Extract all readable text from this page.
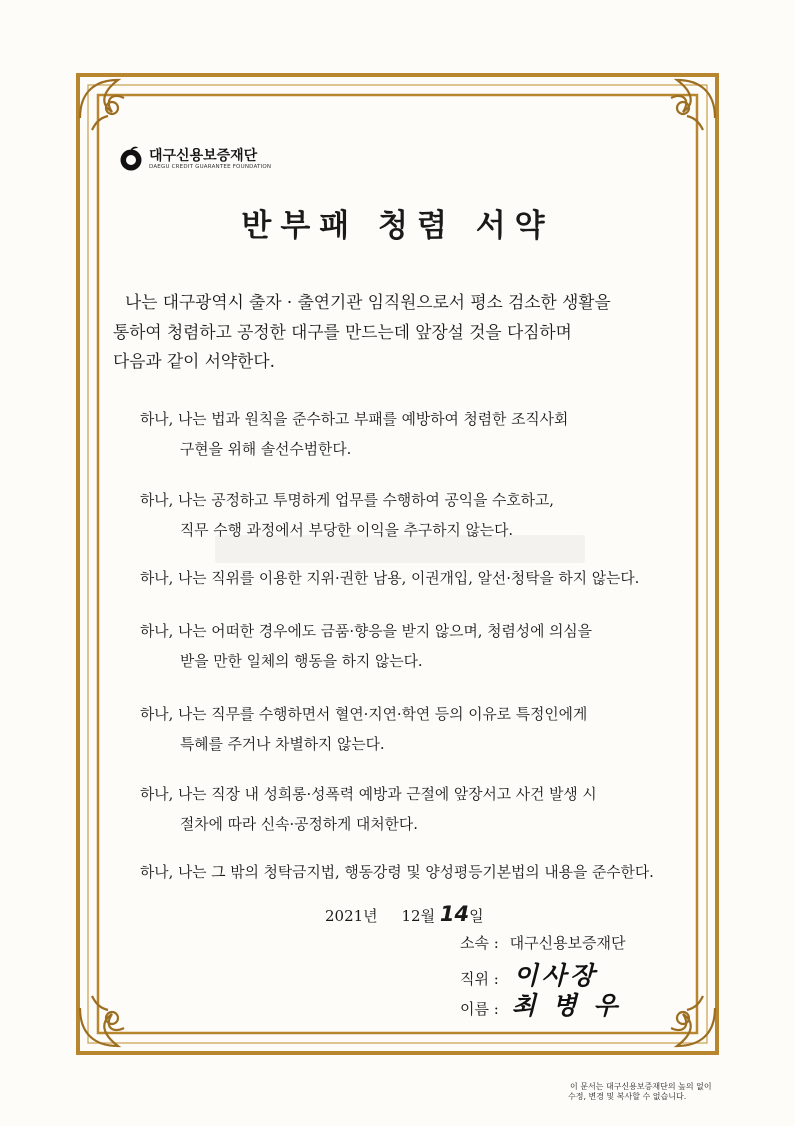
대구신용보증재단
DAEGU CREDIT GUARANTEE FOUNDATION
반부패 청렴 서약

나는 대구광역시 출자 · 출연기관 임직원으로서 평소 검소한 생활을

통하여 청렴하고 공정한 대구를 만드는데 앞장설 것을 다짐하며

다음과 같이 서약한다.

하나, 나는 법과 원칙을 준수하고 부패를 예방하여 청렴한 조직사회
구현을 위해 솔선수범한다.
하나, 나는 공정하고 투명하게 업무를 수행하여 공익을 수호하고,
직무 수행 과정에서 부당한 이익을 추구하지 않는다.
하나, 나는 직위를 이용한 지위·권한 남용, 이권개입, 알선·청탁을 하지 않는다.
하나, 나는 어떠한 경우에도 금품·향응을 받지 않으며, 청렴성에 의심을
받을 만한 일체의 행동을 하지 않는다.
하나, 나는 직무를 수행하면서 혈연·지연·학연 등의 이유로 특정인에게
특혜를 주거나 차별하지 않는다.
하나, 나는 직장 내 성희롱·성폭력 예방과 근절에 앞장서고 사건 발생 시
절차에 따라 신속·공정하게 대처한다.
하나, 나는 그 밖의 청탁금지법, 행동강령 및 양성평등기본법의 내용을 준수한다.
2021년 12월 14일
소속 : 대구신용보증재단
직위 : 이사장
이름 : 최 병 우
이 문서는 대구신용보증재단의 높의 없이
수정, 변경 및 복사할 수 없습니다.
